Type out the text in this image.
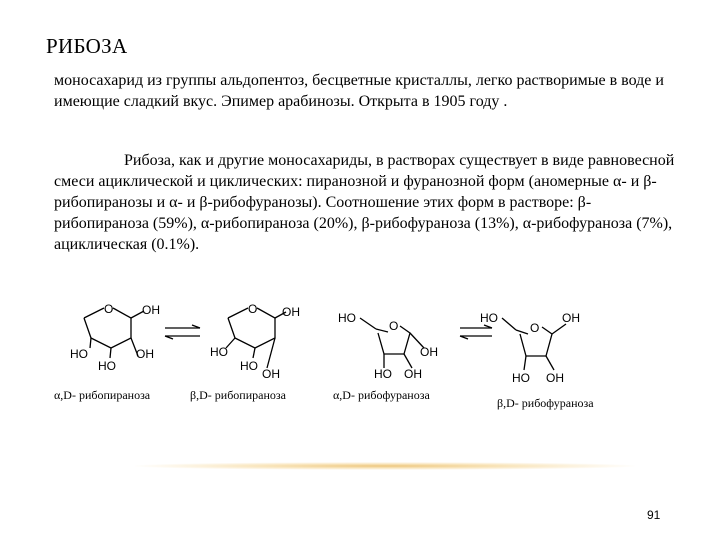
РИБОЗА
моносахарид из группы альдопентоз, бесцветные кристаллы, легко растворимые в воде и имеющие сладкий вкус. Эпимер арабинозы. Открыта в 1905 году .
Рибоза, как и другие моносахариды, в растворах существует в виде равновесной смеси ациклической и циклических: пиранозной и фуранозной форм (аномерные α- и β-рибопиранозы и α- и β-рибофуранозы). Соотношение этих форм в растворе: β-рибопираноза (59%), α-рибопираноза (20%), β-рибофураноза (13%), α-рибофураноза (7%), ациклическая (0.1%).
O OH
HO
HO
OH
O OH
HO
HO
OH
HO
O
OH
HO OH
HO
O
OH
HO OH
α,D- рибопираноза	β,D- рибопираноза	α,D- рибофураноза
β,D- рибофураноза
91
